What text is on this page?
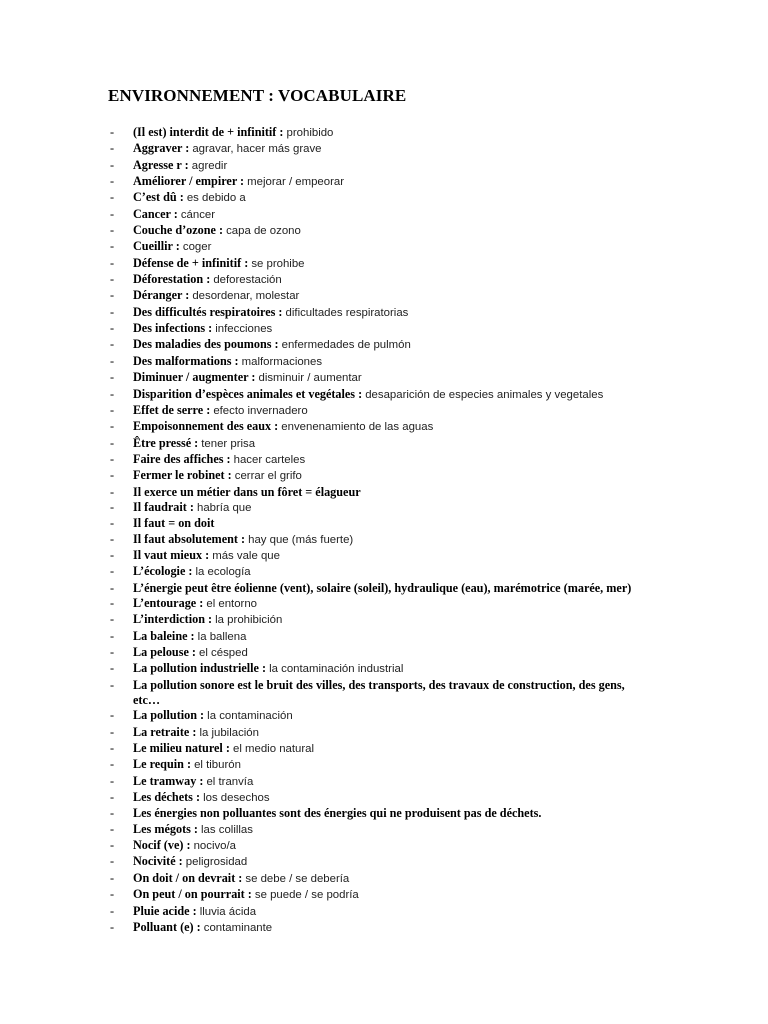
ENVIRONNEMENT : VOCABULAIRE
- (Il est) interdit de + infinitif : prohibido
- Aggraver : agravar, hacer más grave
- Agresse r : agredir
- Améliorer / empirer : mejorar / empeorar
- C’est dû : es debido a
- Cancer : cáncer
- Couche d’ozone : capa de ozono
- Cueillir : coger
- Défense de + infinitif : se prohibe
- Déforestation : deforestación
- Déranger : desordenar, molestar
- Des difficultés respiratoires : dificultades respiratorias
- Des infections : infecciones
- Des maladies des poumons : enfermedades de pulmón
- Des malformations : malformaciones
- Diminuer / augmenter : disminuir / aumentar
- Disparition d’espèces animales et vegétales : desaparición de especies animales y vegetales
- Effet de serre : efecto invernadero
- Empoisonnement des eaux : envenenamiento de las aguas
- Être pressé : tener prisa
- Faire des affiches : hacer carteles
- Fermer le robinet : cerrar el grifo
- Il exerce un métier dans un fôret = élagueur
- Il faudrait : habría que
- Il faut = on doit
- Il faut absolutement : hay que (más fuerte)
- Il vaut mieux : más vale que
- L’écologie : la ecología
- L’énergie peut être éolienne (vent), solaire (soleil), hydraulique (eau), marémotrice (marée, mer)
- L’entourage : el entorno
- L’interdiction : la prohibición
- La baleine : la ballena
- La pelouse : el césped
- La pollution industrielle : la contaminación industrial
- La pollution sonore est le bruit des villes, des transports, des travaux de construction, des gens, etc…
- La pollution : la contaminación
- La retraite : la jubilación
- Le milieu naturel : el medio natural
- Le requin : el tiburón
- Le tramway : el tranvía
- Les déchets : los desechos
- Les énergies non polluantes sont des énergies qui ne produisent pas de déchets.
- Les mégots : las colillas
- Nocif (ve) : nocivo/a
- Nocivité : peligrosidad
- On doit / on devrait : se debe / se debería
- On peut / on pourrait : se puede / se podría
- Pluie acide : lluvia ácida
- Polluant (e) : contaminante
